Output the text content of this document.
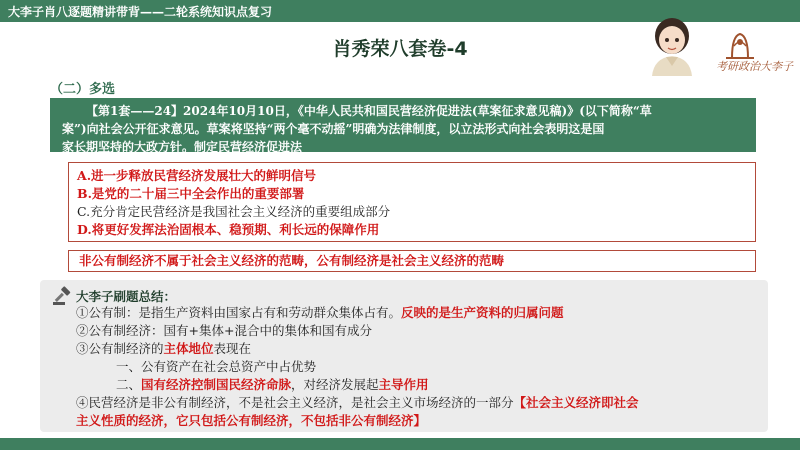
大李子肖八逐题精讲带背——二轮系统知识点复习
肖秀荣八套卷-4
考研政治大李子
（二）多选
【第1套——24】2024年10月10日，《中华人民共和国民营经济促进法(草案征求意见稿)》(以下简称“草
案”)向社会公开征求意见。草案将坚持“两个毫不动摇”明确为法律制度，以立法形式向社会表明这是国
家长期坚持的大政方针。制定民营经济促进法
A.进一步释放民营经济发展壮大的鲜明信号
B.是党的二十届三中全会作出的重要部署
C.充分肯定民营经济是我国社会主义经济的重要组成部分
D.将更好发挥法治固根本、稳预期、利长远的保障作用
非公有制经济不属于社会主义经济的范畴，公有制经济是社会主义经济的范畴
大李子刷题总结：
①公有制：是指生产资料由国家占有和劳动群众集体占有。反映的是生产资料的归属问题
②公有制经济：国有+集体+混合中的集体和国有成分
③公有制经济的主体地位表现在
一、公有资产在社会总资产中占优势
二、国有经济控制国民经济命脉，对经济发展起主导作用
④民营经济是非公有制经济，不是社会主义经济，是社会主义市场经济的一部分【社会主义经济即社会
主义性质的经济，它只包括公有制经济，不包括非公有制经济】
